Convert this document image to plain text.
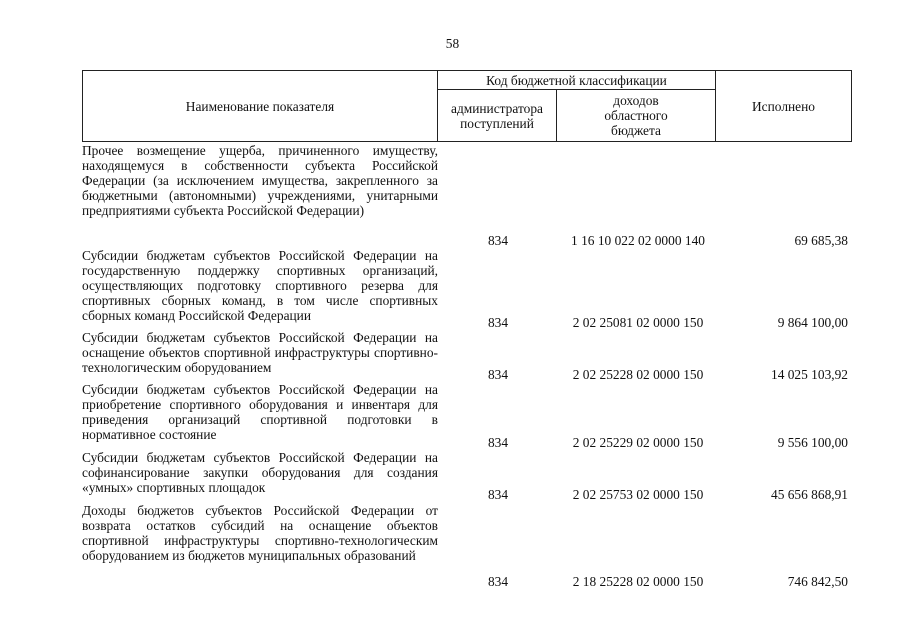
58
Наименование показателя
Код бюджетной классификации
администратора поступлений
доходов областного бюджета
Исполнено
Прочее возмещение ущерба, причиненного имуществу, находящемуся в собственности субъекта Российской Федерации (за исключением имущества, закрепленного за бюджетными (автономными) учреждениями, унитарными предприятиями субъекта Российской Федерации)
834	1 16 10 022 02 0000 140	69 685,38
Субсидии бюджетам субъектов Российской Федерации на государственную поддержку спортивных организаций, осуществляющих подготовку спортивного резерва для спортивных сборных команд, в том числе спортивных сборных команд Российской Федерации	834	2 02 25081 02 0000 150	9 864 100,00
Субсидии бюджетам субъектов Российской Федерации на оснащение объектов спортивной инфраструктуры спортивно-технологическим оборудованием	834	2 02 25228 02 0000 150	14 025 103,92
Субсидии бюджетам субъектов Российской Федерации на приобретение спортивного оборудования и инвентаря для приведения организаций спортивной подготовки в нормативное состояние
834	2 02 25229 02 0000 150	9 556 100,00
Субсидии бюджетам субъектов Российской Федерации на софинансирование закупки оборудования для создания «умных» спортивных площадок	834	2 02 25753 02 0000 150	45 656 868,91
Доходы бюджетов субъектов Российской Федерации от возврата остатков субсидий на оснащение объектов спортивной инфраструктуры спортивно-технологическим оборудованием из бюджетов муниципальных образований
834	2 18 25228 02 0000 150	746 842,50
